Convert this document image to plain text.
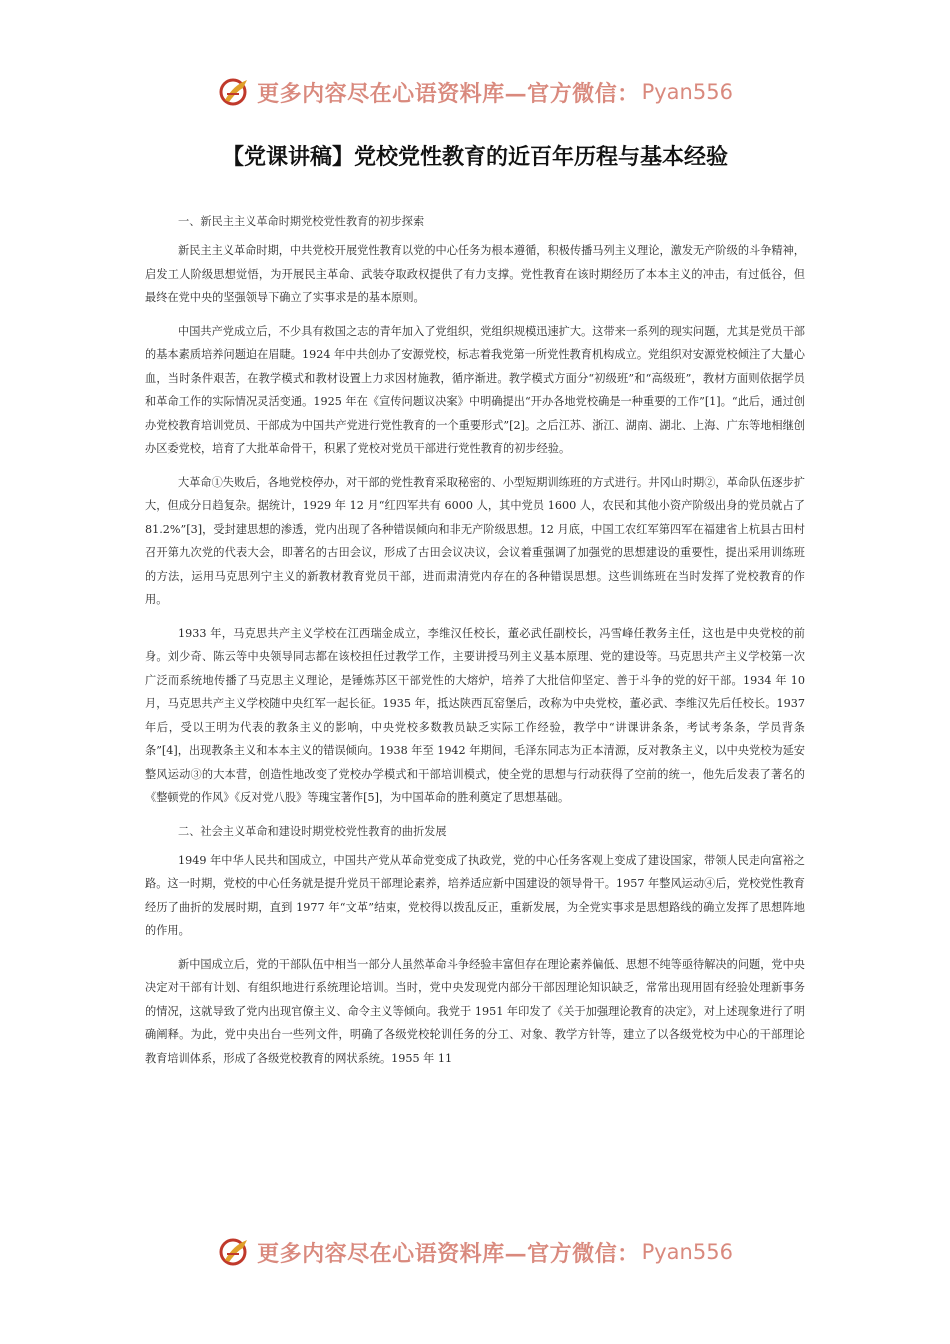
更多内容尽在心语资料库—官方微信： Pyan556
【党课讲稿】党校党性教育的近百年历程与基本经验

一、新民主主义革命时期党校党性教育的初步探索

新民主主义革命时期，中共党校开展党性教育以党的中心任务为根本遵循，积极传播马列主义理论，激发无产阶级的斗争精神，启发工人阶级思想觉悟，为开展民主革命、武装夺取政权提供了有力支撑。党性教育在该时期经历了本本主义的冲击，有过低谷，但最终在党中央的坚强领导下确立了实事求是的基本原则。

中国共产党成立后，不少具有救国之志的青年加入了党组织，党组织规模迅速扩大。这带来一系列的现实问题，尤其是党员干部的基本素质培养问题迫在眉睫。1924 年中共创办了安源党校，标志着我党第一所党性教育机构成立。党组织对安源党校倾注了大量心血，当时条件艰苦，在教学模式和教材设置上力求因材施教，循序渐进。教学模式方面分“初级班”和“高级班”，教材方面则依据学员和革命工作的实际情况灵活变通。1925 年在《宣传问题议决案》中明确提出“开办各地党校确是一种重要的工作”[1]。“此后，通过创办党校教育培训党员、干部成为中国共产党进行党性教育的一个重要形式”[2]。之后江苏、浙江、湖南、湖北、上海、广东等地相继创办区委党校，培育了大批革命骨干，积累了党校对党员干部进行党性教育的初步经验。

大革命①失败后，各地党校停办，对干部的党性教育采取秘密的、小型短期训练班的方式进行。井冈山时期②，革命队伍逐步扩大，但成分日趋复杂。据统计，1929 年 12 月“红四军共有 6000 人，其中党员 1600 人，农民和其他小资产阶级出身的党员就占了 81.2%”[3]，受封建思想的渗透，党内出现了各种错误倾向和非无产阶级思想。12 月底，中国工农红军第四军在福建省上杭县古田村召开第九次党的代表大会，即著名的古田会议，形成了古田会议决议，会议着重强调了加强党的思想建设的重要性，提出采用训练班的方法，运用马克思列宁主义的新教材教育党员干部，进而肃清党内存在的各种错误思想。这些训练班在当时发挥了党校教育的作用。

1933 年，马克思共产主义学校在江西瑞金成立，李维汉任校长，董必武任副校长，冯雪峰任教务主任，这也是中央党校的前身。刘少奇、陈云等中央领导同志都在该校担任过教学工作，主要讲授马列主义基本原理、党的建设等。马克思共产主义学校第一次广泛而系统地传播了马克思主义理论，是锤炼苏区干部党性的大熔炉，培养了大批信仰坚定、善于斗争的党的好干部。1934 年 10 月，马克思共产主义学校随中央红军一起长征。1935 年，抵达陕西瓦窑堡后，改称为中央党校，董必武、李维汉先后任校长。1937 年后，受以王明为代表的教条主义的影响，中央党校多数教员缺乏实际工作经验，教学中“讲课讲条条，考试考条条，学员背条条”[4]，出现教条主义和本本主义的错误倾向。1938 年至 1942 年期间，毛泽东同志为正本清源，反对教条主义，以中央党校为延安整风运动③的大本营，创造性地改变了党校办学模式和干部培训模式，使全党的思想与行动获得了空前的统一，他先后发表了著名的《整顿党的作风》《反对党八股》等瑰宝著作[5]，为中国革命的胜利奠定了思想基础。

二、社会主义革命和建设时期党校党性教育的曲折发展

1949 年中华人民共和国成立，中国共产党从革命党变成了执政党，党的中心任务客观上变成了建设国家，带领人民走向富裕之路。这一时期，党校的中心任务就是提升党员干部理论素养，培养适应新中国建设的领导骨干。1957 年整风运动④后，党校党性教育经历了曲折的发展时期，直到 1977 年“文革”结束，党校得以拨乱反正，重新发展，为全党实事求是思想路线的确立发挥了思想阵地的作用。

新中国成立后，党的干部队伍中相当一部分人虽然革命斗争经验丰富但存在理论素养偏低、思想不纯等亟待解决的问题，党中央决定对干部有计划、有组织地进行系统理论培训。当时，党中央发现党内部分干部因理论知识缺乏，常常出现用固有经验处理新事务的情况，这就导致了党内出现官僚主义、命令主义等倾向。我党于 1951 年印发了《关于加强理论教育的决定》，对上述现象进行了明确阐释。为此，党中央出台一些列文件，明确了各级党校轮训任务的分工、对象、教学方针等，建立了以各级党校为中心的干部理论教育培训体系，形成了各级党校教育的网状系统。1955 年 11

更多内容尽在心语资料库—官方微信： Pyan556
